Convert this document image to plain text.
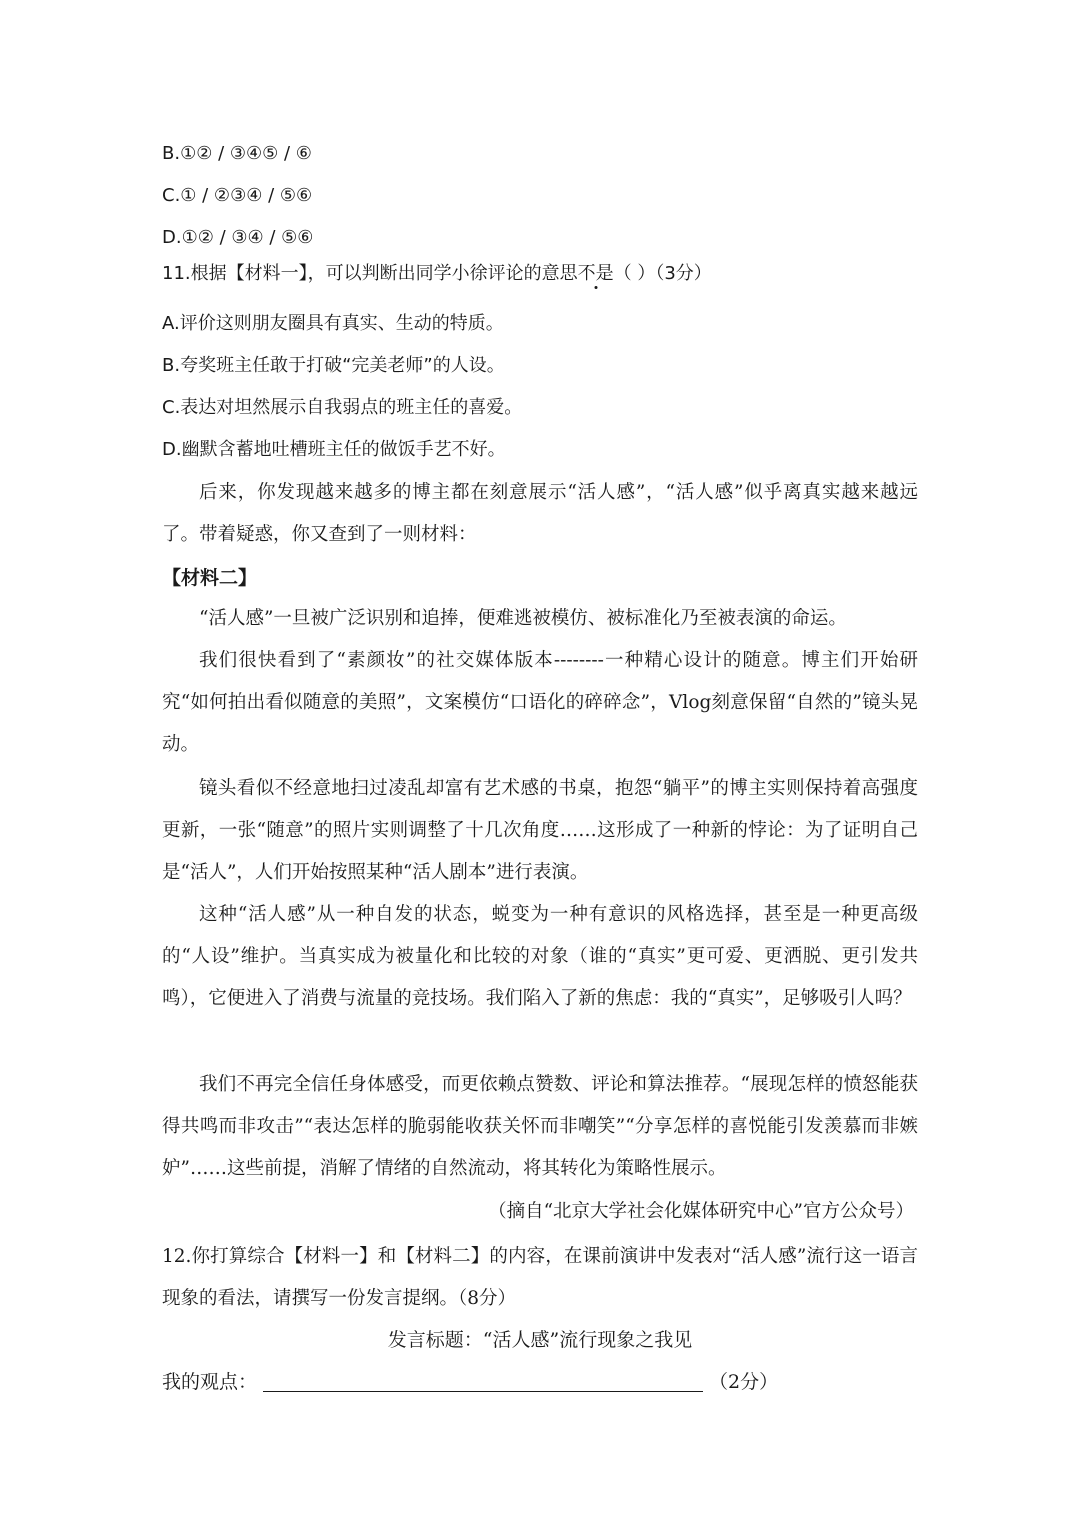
B.①② / ③④⑤ / ⑥
C.① / ②③④ / ⑤⑥
D.①② / ③④ / ⑤⑥
11.根据【材料一】，可以判断出同学小徐评论的意思不是（ ）（3分）
A.评价这则朋友圈具有真实、生动的特质。
B.夸奖班主任敢于打破“完美老师”的人设。
C.表达对坦然展示自我弱点的班主任的喜爱。
D.幽默含蓄地吐槽班主任的做饭手艺不好。
后来，你发现越来越多的博主都在刻意展示“活人感”，“活人感”似乎离真实越来越远了。带着疑惑，你又查到了一则材料：
【材料二】
“活人感”一旦被广泛识别和追捧，便难逃被模仿、被标准化乃至被表演的命运。
我们很快看到了“素颜妆”的社交媒体版本--------一种精心设计的随意。博主们开始研究“如何拍出看似随意的美照”，文案模仿“口语化的碎碎念”，Vlog刻意保留“自然的”镜头晃动。
镜头看似不经意地扫过凌乱却富有艺术感的书桌，抱怨“躺平”的博主实则保持着高强度更新，一张“随意”的照片实则调整了十几次角度……这形成了一种新的悖论：为了证明自己是“活人”，人们开始按照某种“活人剧本”进行表演。
这种“活人感”从一种自发的状态，蜕变为一种有意识的风格选择，甚至是一种更高级的“人设”维护。当真实成为被量化和比较的对象（谁的“真实”更可爱、更洒脱、更引发共鸣），它便进入了消费与流量的竞技场。我们陷入了新的焦虑：我的“真实”，足够吸引人吗？
我们不再完全信任身体感受，而更依赖点赞数、评论和算法推荐。“展现怎样的愤怒能获得共鸣而非攻击”“表达怎样的脆弱能收获关怀而非嘲笑”“分享怎样的喜悦能引发羡慕而非嫉妒”……这些前提，消解了情绪的自然流动，将其转化为策略性展示。
（摘自“北京大学社会化媒体研究中心”官方公众号）
12.你打算综合【材料一】和【材料二】的内容，在课前演讲中发表对“活人感”流行这一语言现象的看法，请撰写一份发言提纲。（8分）
发言标题：“活人感”流行现象之我见
我的观点：	（2分）
